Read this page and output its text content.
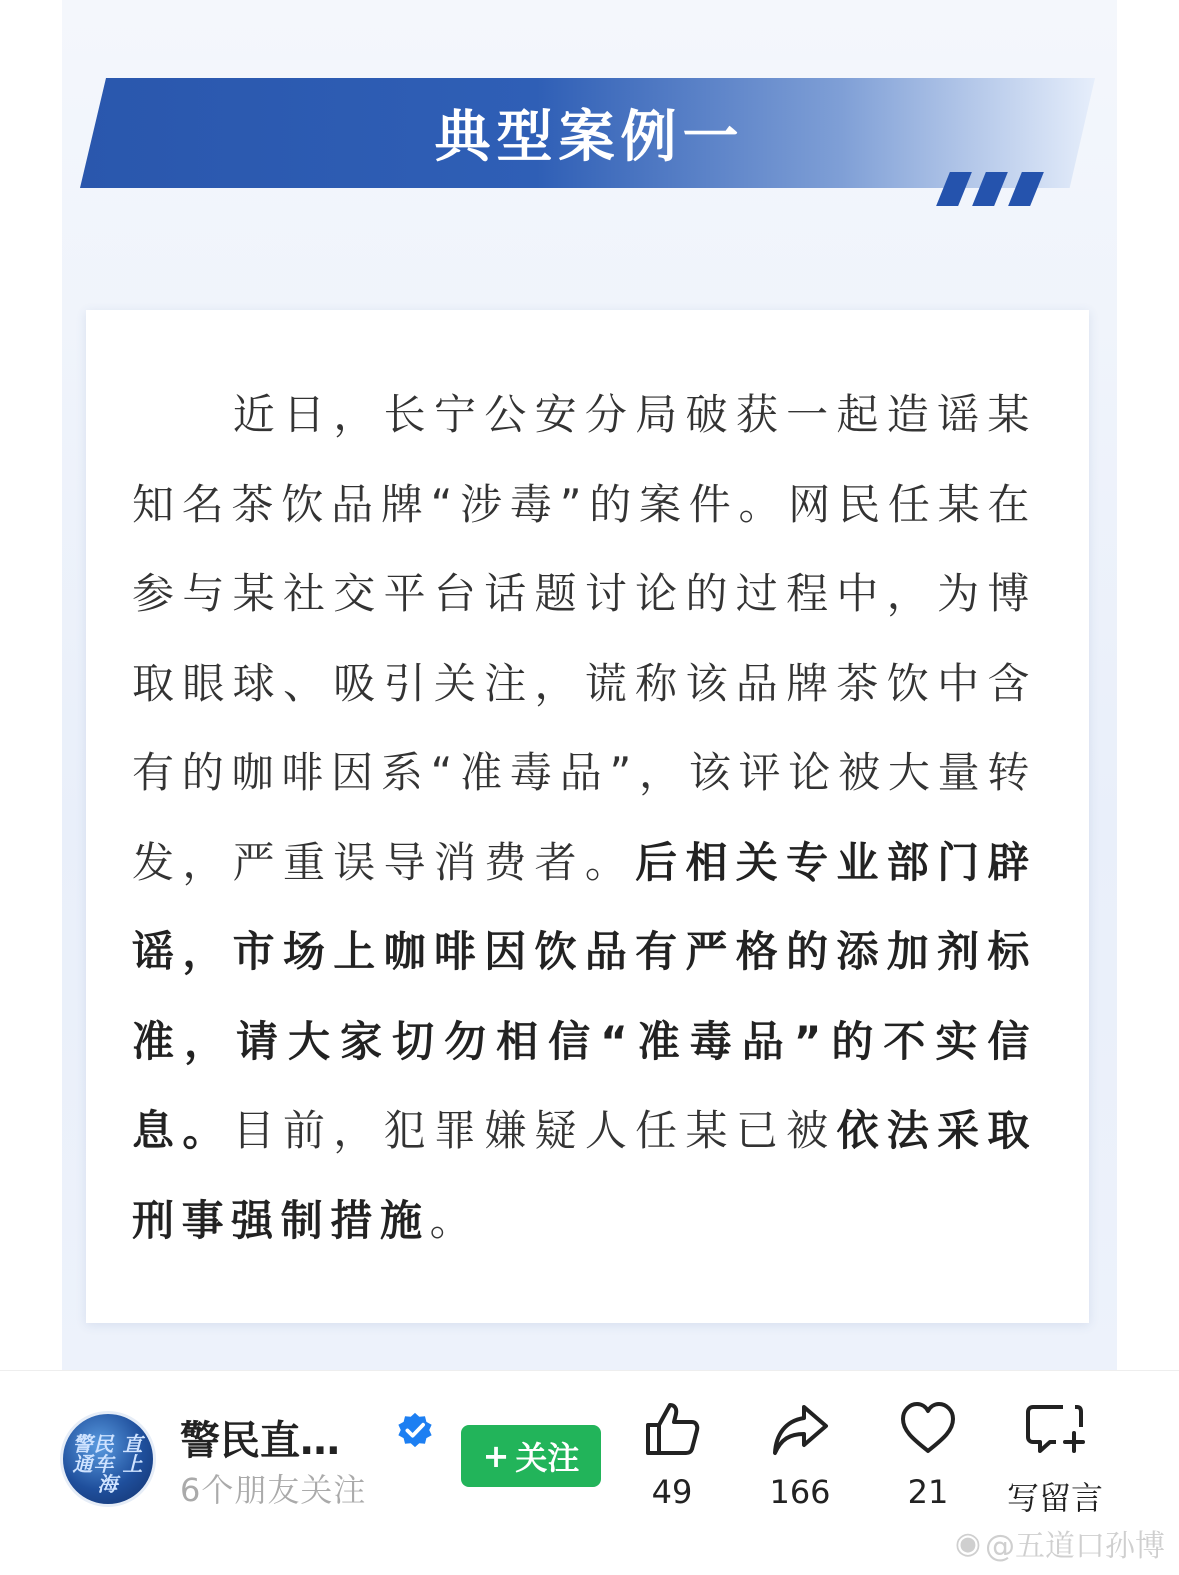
典型案例一
近日，长宁公安分局破获一起造谣某知名茶饮品牌“涉毒”的案件。网民任某在参与某社交平台话题讨论的过程中，为博取眼球、吸引关注，谎称该品牌茶饮中含有的咖啡因系“准毒品”，该评论被大量转发，严重误导消费者。后相关专业部门辟谣，市场上咖啡因饮品有严格的添加剂标准，请大家切勿相信“准毒品”的不实信息。目前，犯罪嫌疑人任某已被依法采取刑事强制措施。
警民 直通车 上海
警民直…
6个朋友关注
+ 关注
49	166	21	写留言
◉ @五道口孙博
